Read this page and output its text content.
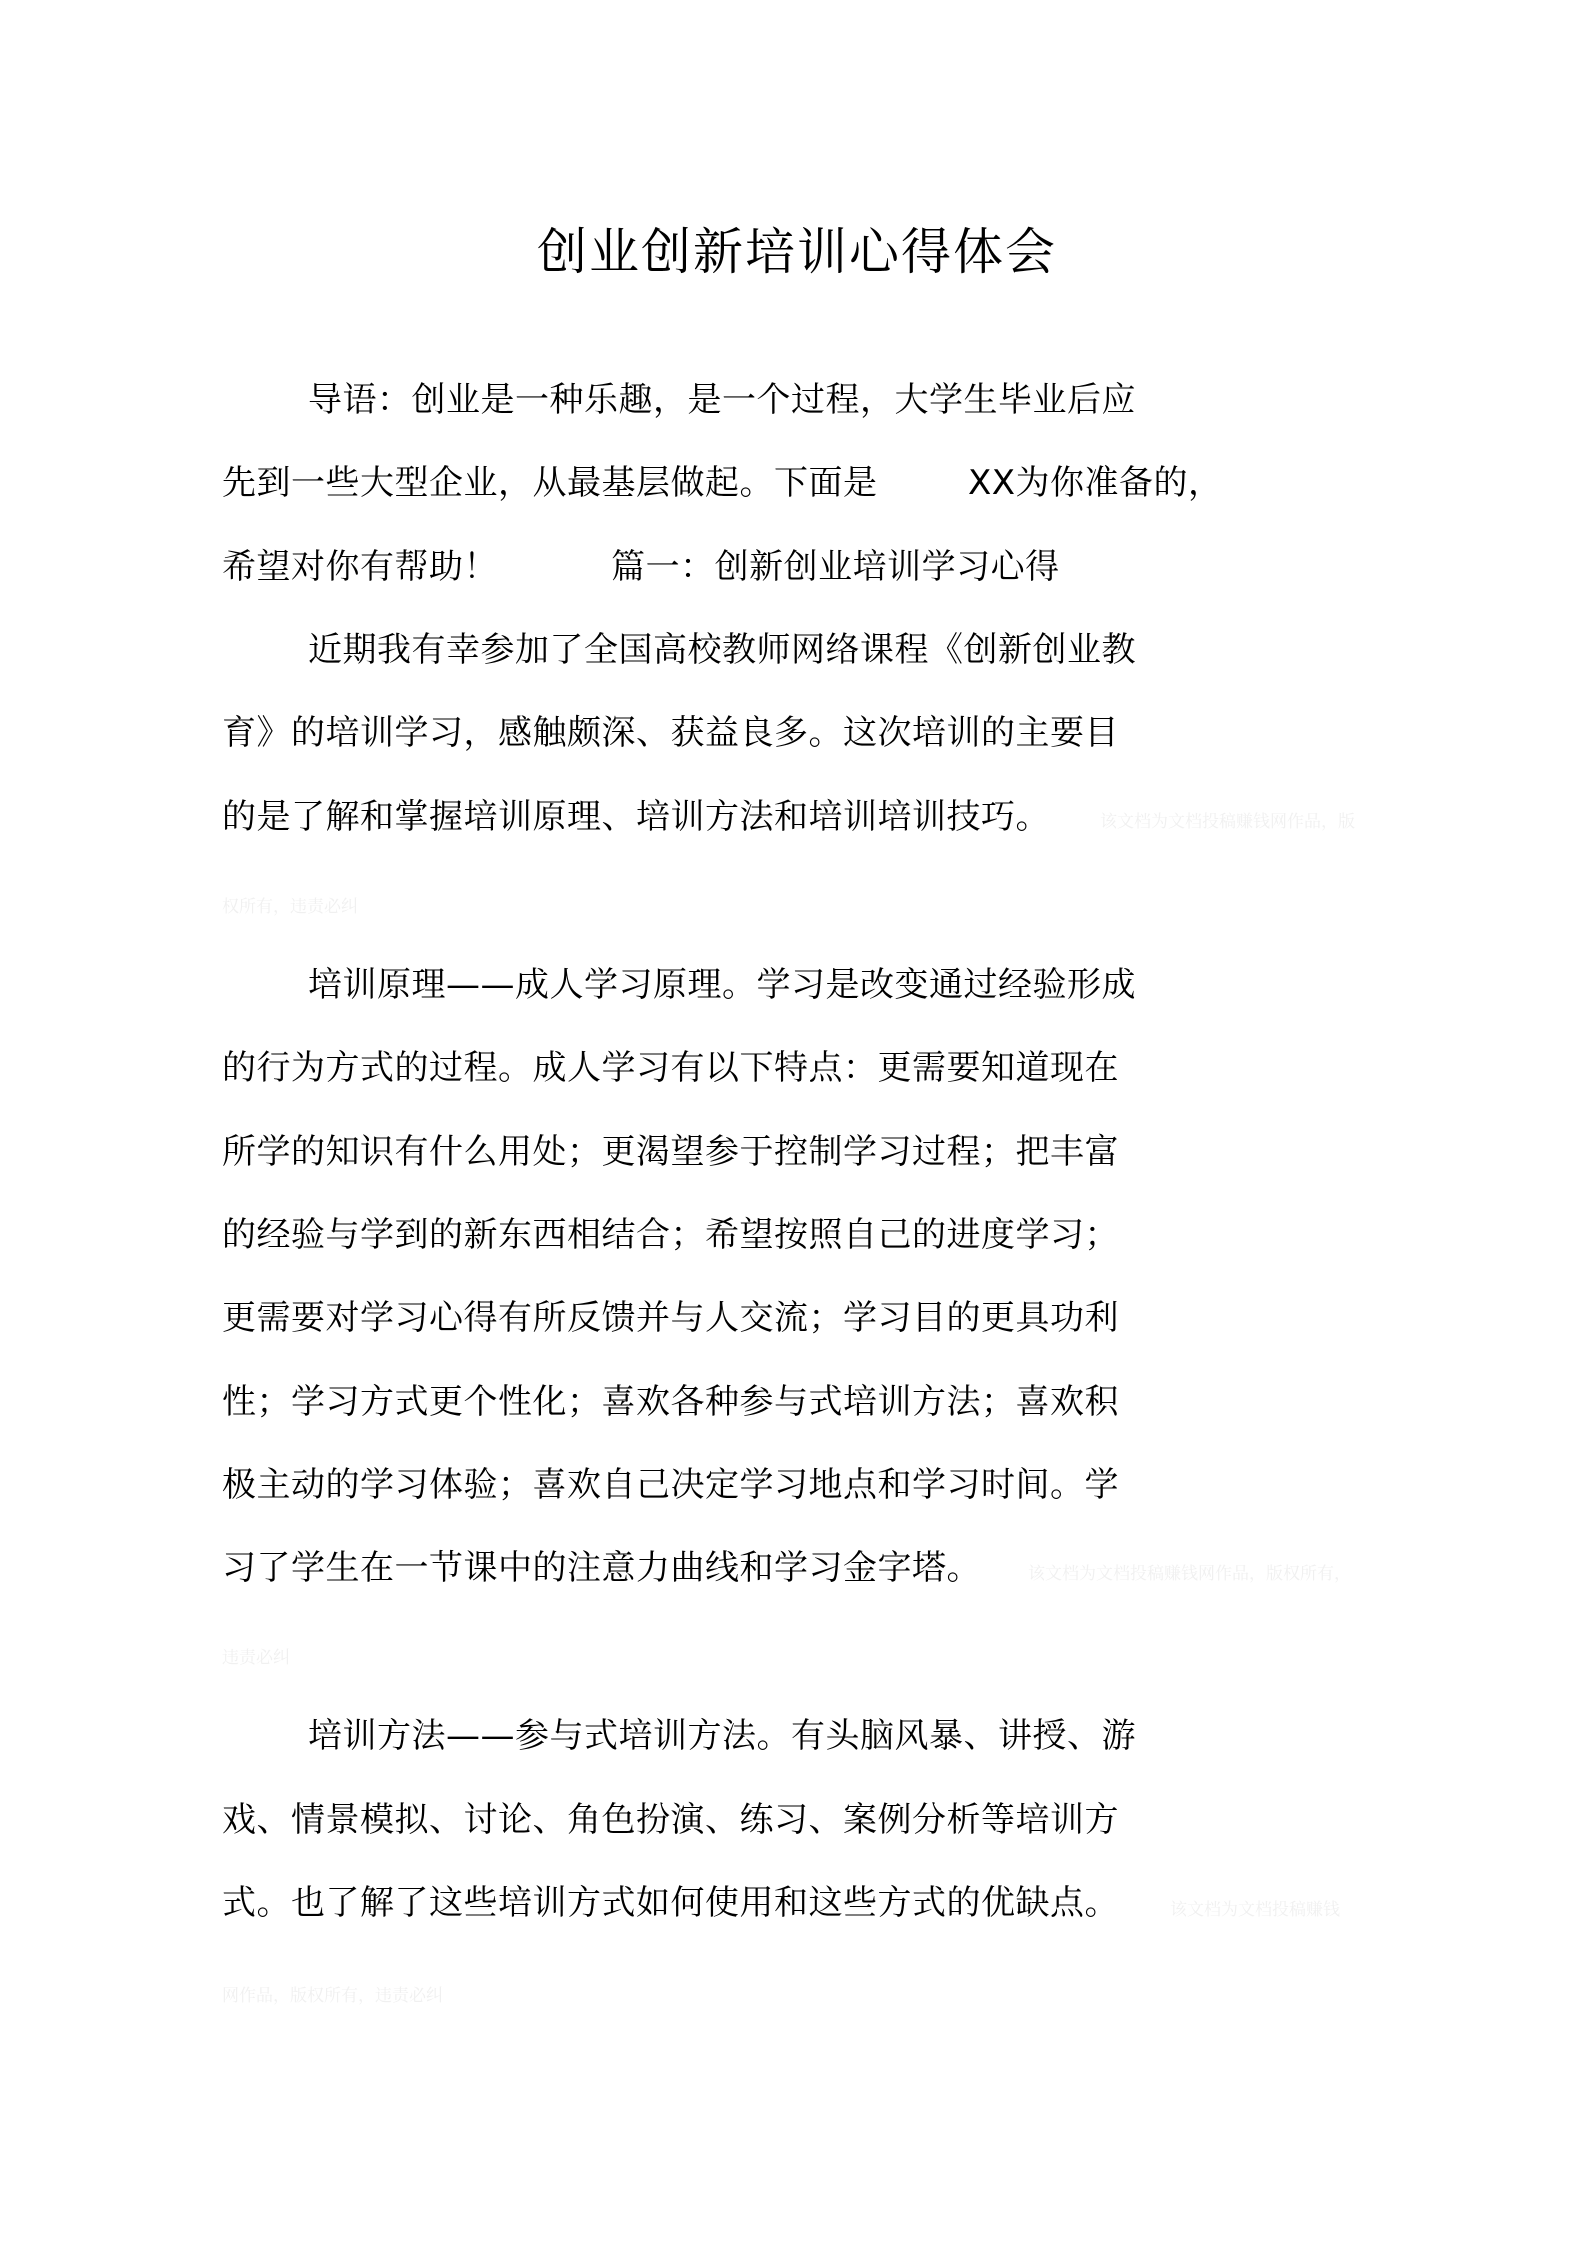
创业创新培训心得体会
导语：创业是一种乐趣，是一个过程，大学生毕业后应
先到一些大型企业，从最基层做起。下面是        XX为你准备的，
希望对你有帮助！          篇一：创新创业培训学习心得
近期我有幸参加了全国高校教师网络课程《创新创业教
育》的培训学习，感触颇深、获益良多。这次培训的主要目
的是了解和掌握培训原理、培训方法和培训培训技巧。	该文档为文档投稿赚钱网作品，版
权所有，违责必纠
培训原理——成人学习原理。学习是改变通过经验形成
的行为方式的过程。成人学习有以下特点：更需要知道现在
所学的知识有什么用处；更渴望参于控制学习过程；把丰富
的经验与学到的新东西相结合；希望按照自己的进度学习；
更需要对学习心得有所反馈并与人交流；学习目的更具功利
性；学习方式更个性化；喜欢各种参与式培训方法；喜欢积
极主动的学习体验；喜欢自己决定学习地点和学习时间。学
习了学生在一节课中的注意力曲线和学习金字塔。	该文档为文档投稿赚钱网作品，版权所有，
违责必纠
培训方法——参与式培训方法。有头脑风暴、讲授、游
戏、情景模拟、讨论、角色扮演、练习、案例分析等培训方
式。也了解了这些培训方式如何使用和这些方式的优缺点。	该文档为文档投稿赚钱
网作品，版权所有，违责必纠
